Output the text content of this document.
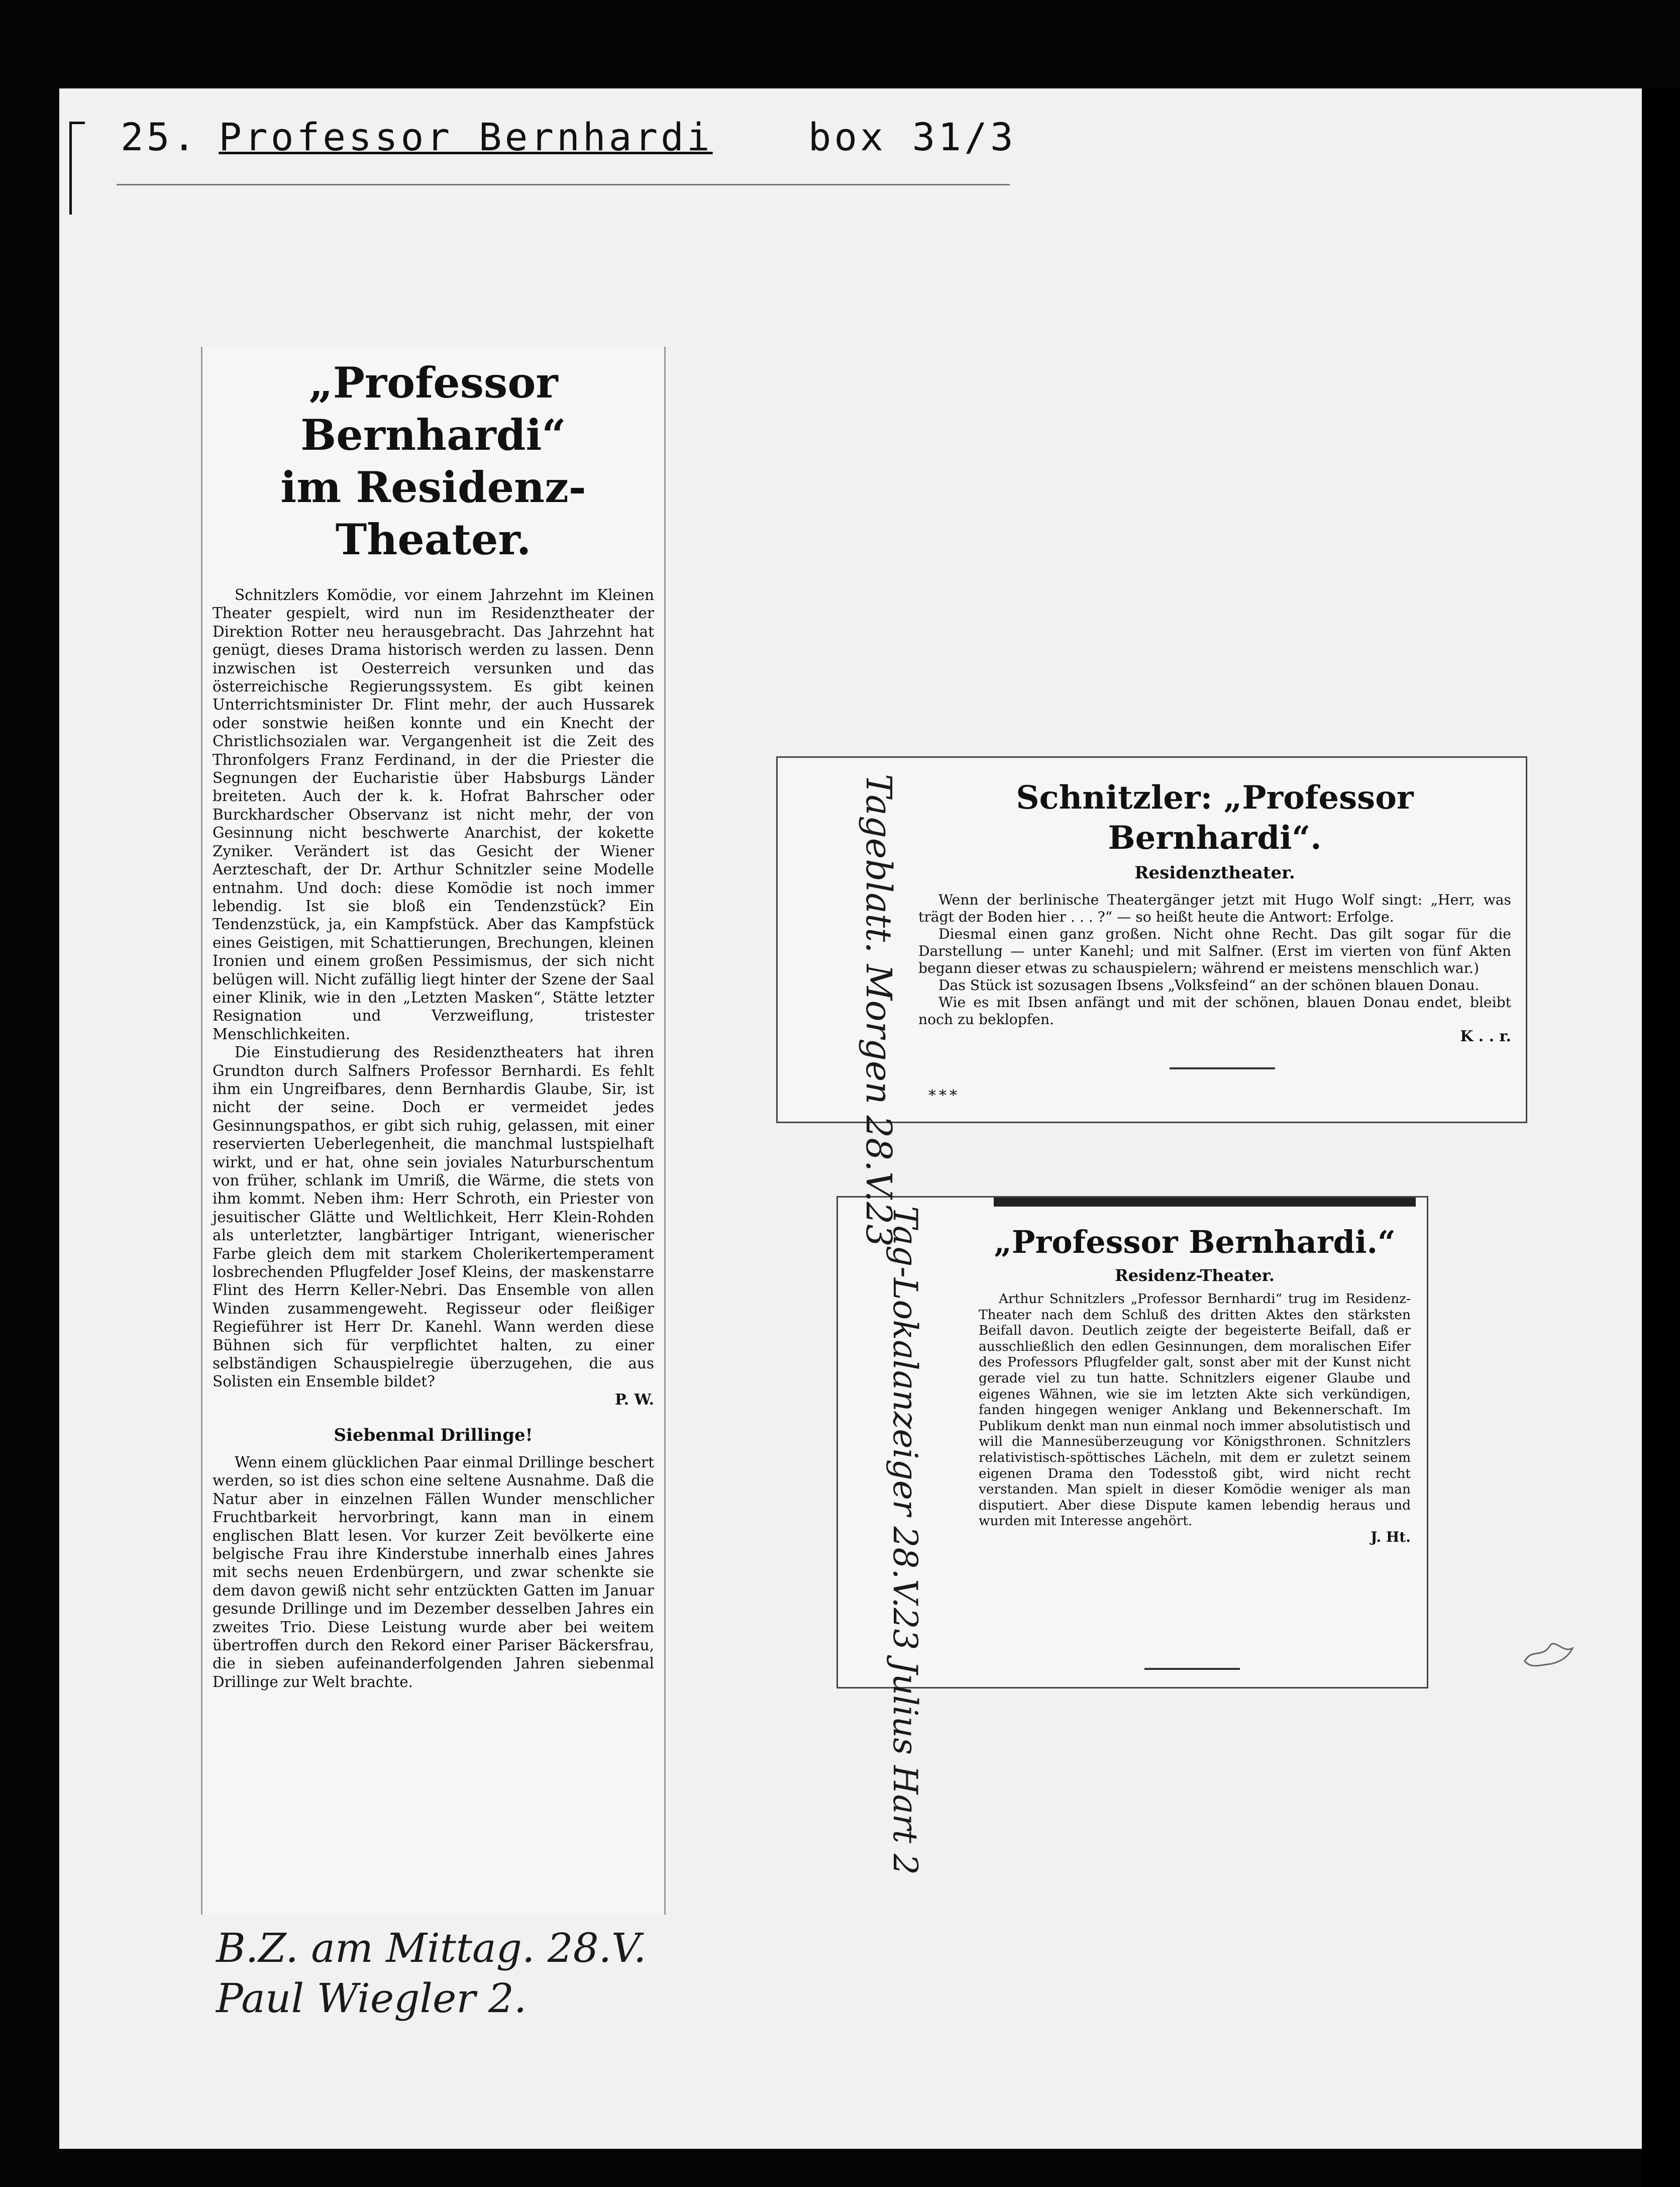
25. Professor Bernhardi	box 31/3
„Professor Bernhardi“
im Residenz-Theater.

Schnitzlers Komödie, vor einem Jahrzehnt im Kleinen Theater gespielt, wird nun im Residenztheater der Direktion Rotter neu herausgebracht. Das Jahrzehnt hat genügt, dieses Drama historisch werden zu lassen. Denn inzwischen ist Oesterreich versunken und das österreichische Regierungssystem. Es gibt keinen Unterrichtsminister Dr. Flint mehr, der auch Hussarek oder sonstwie heißen konnte und ein Knecht der Christlichsozialen war. Vergangenheit ist die Zeit des Thronfolgers Franz Ferdinand, in der die Priester die Segnungen der Eucharistie über Habsburgs Länder breiteten. Auch der k. k. Hofrat Bahrscher oder Burckhardscher Observanz ist nicht mehr, der von Gesinnung nicht beschwerte Anarchist, der kokette Zyniker. Verändert ist das Gesicht der Wiener Aerzteschaft, der Dr. Arthur Schnitzler seine Modelle entnahm. Und doch: diese Komödie ist noch immer lebendig. Ist sie bloß ein Tendenzstück? Ein Tendenzstück, ja, ein Kampfstück. Aber das Kampfstück eines Geistigen, mit Schattierungen, Brechungen, kleinen Ironien und einem großen Pessimismus, der sich nicht belügen will. Nicht zufällig liegt hinter der Szene der Saal einer Klinik, wie in den „Letzten Masken“, Stätte letzter Resignation und Verzweiflung, tristester Menschlichkeiten.

Die Einstudierung des Residenztheaters hat ihren Grundton durch Salfners Professor Bernhardi. Es fehlt ihm ein Ungreifbares, denn Bernhardis Glaube, Sir, ist nicht der seine. Doch er vermeidet jedes Gesinnungspathos, er gibt sich ruhig, gelassen, mit einer reservierten Ueberlegenheit, die manchmal lustspielhaft wirkt, und er hat, ohne sein joviales Naturburschentum von früher, schlank im Umriß, die Wärme, die stets von ihm kommt. Neben ihm: Herr Schroth, ein Priester von jesuitischer Glätte und Weltlichkeit, Herr Klein-Rohden als unterletzter, langbärtiger Intrigant, wienerischer Farbe gleich dem mit starkem Cholerikertemperament losbrechenden Pflugfelder Josef Kleins, der maskenstarre Flint des Herrn Keller-Nebri. Das Ensemble von allen Winden zusammengeweht. Regisseur oder fleißiger Regieführer ist Herr Dr. Kanehl. Wann werden diese Bühnen sich für verpflichtet halten, zu einer selbständigen Schauspielregie überzugehen, die aus Solisten ein Ensemble bildet?

P. W.
Siebenmal Drillinge!

Wenn einem glücklichen Paar einmal Drillinge beschert werden, so ist dies schon eine seltene Ausnahme. Daß die Natur aber in einzelnen Fällen Wunder menschlicher Fruchtbarkeit hervorbringt, kann man in einem englischen Blatt lesen. Vor kurzer Zeit bevölkerte eine belgische Frau ihre Kinderstube innerhalb eines Jahres mit sechs neuen Erdenbürgern, und zwar schenkte sie dem davon gewiß nicht sehr entzückten Gatten im Januar gesunde Drillinge und im Dezember desselben Jahres ein zweites Trio. Diese Leistung wurde aber bei weitem übertroffen durch den Rekord einer Pariser Bäckersfrau, die in sieben aufeinanderfolgenden Jahren siebenmal Drillinge zur Welt brachte.

Schnitzler: „Professor Bernhardi“.
Residenztheater.

Wenn der berlinische Theatergänger jetzt mit Hugo Wolf singt: „Herr, was trägt der Boden hier . . . ?“ — so heißt heute die Antwort: Erfolge.

Diesmal einen ganz großen. Nicht ohne Recht. Das gilt sogar für die Darstellung — unter Kanehl; und mit Salfner. (Erst im vierten von fünf Akten begann dieser etwas zu schauspielern; während er meistens menschlich war.)

Das Stück ist sozusagen Ibsens „Volksfeind“ an der schönen blauen Donau.

Wie es mit Ibsen anfängt und mit der schönen, blauen Donau endet, bleibt noch zu beklopfen.

K . . r.
***
„Professor Bernhardi.“
Residenz-Theater.

Arthur Schnitzlers „Professor Bernhardi“ trug im Residenz-Theater nach dem Schluß des dritten Aktes den stärksten Beifall davon. Deutlich zeigte der begeisterte Beifall, daß er ausschließlich den edlen Gesinnungen, dem moralischen Eifer des Professors Pflugfelder galt, sonst aber mit der Kunst nicht gerade viel zu tun hatte. Schnitzlers eigener Glaube und eigenes Wähnen, wie sie im letzten Akte sich verkündigen, fanden hingegen weniger Anklang und Bekennerschaft. Im Publikum denkt man nun einmal noch immer absolutistisch und will die Mannesüberzeugung vor Königsthronen. Schnitzlers relativistisch-spöttisches Lächeln, mit dem er zuletzt seinem eigenen Drama den Todesstoß gibt, wird nicht recht verstanden. Man spielt in dieser Komödie weniger als man disputiert. Aber diese Dispute kamen lebendig heraus und wurden mit Interesse angehört.

J. Ht.
Tageblatt. Morgen 28.V.23
Tag-Lokalanzeiger 28.V.23 Julius Hart 2
B.Z. am Mittag. 28.V.
Paul Wiegler 2.
